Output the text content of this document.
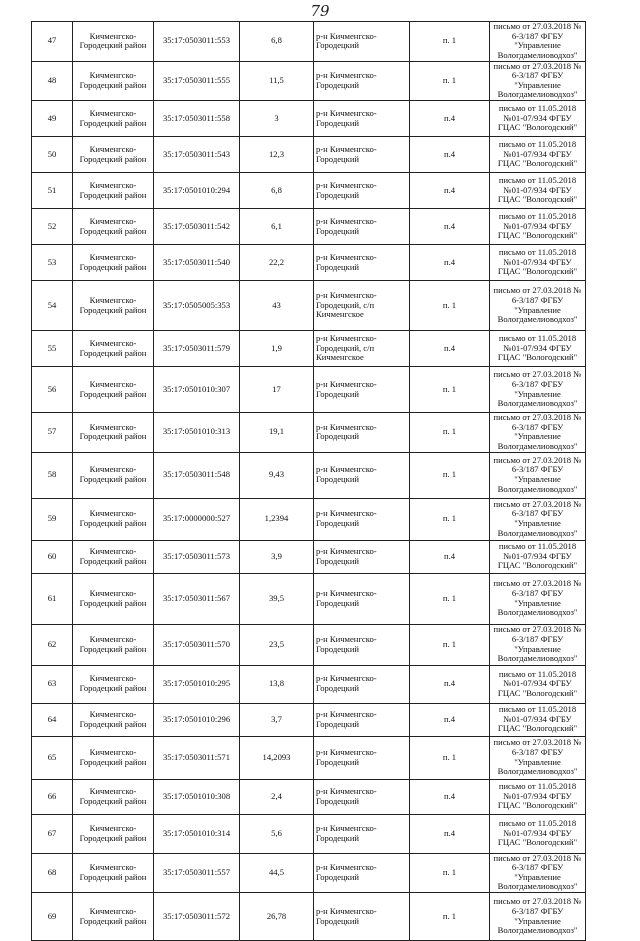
79
47	Кичменгско-Городецкий район	35:17:0503011:553	6,8	р-н Кичменгско-Городецкий	п. 1	письмо от 27.03.2018 № 6-3/187 ФГБУ "Управление Вологдамелиоводхоз"

48	Кичменгско-Городецкий район	35:17:0503011:555	11,5	р-н Кичменгско-Городецкий	п. 1	письмо от 27.03.2018 № 6-3/187 ФГБУ "Управление Вологдамелиоводхоз"

49	Кичменгско-Городецкий район	35:17:0503011:558	3	р-н Кичменгско-Городецкий	п.4	письмо от 11.05.2018 №01-07/934 ФГБУ ГЦАС "Вологодский"

50	Кичменгско-Городецкий район	35:17:0503011:543	12,3	р-н Кичменгско-Городецкий	п.4	письмо от 11.05.2018 №01-07/934 ФГБУ ГЦАС "Вологодский"

51	Кичменгско-Городецкий район	35:17:0501010:294	6,8	р-н Кичменгско-Городецкий	п.4	письмо от 11.05.2018 №01-07/934 ФГБУ ГЦАС "Вологодский"

52	Кичменгско-Городецкий район	35:17:0503011:542	6,1	р-н Кичменгско-Городецкий	п.4	письмо от 11.05.2018 №01-07/934 ФГБУ ГЦАС "Вологодский"

53	Кичменгско-Городецкий район	35:17:0503011:540	22,2	р-н Кичменгско-Городецкий	п.4	письмо от 11.05.2018 №01-07/934 ФГБУ ГЦАС "Вологодский"

54	Кичменгско-Городецкий район	35:17:0505005:353	43	р-н Кичменгско-Городецкий, с/п Кичменгское	п. 1	письмо от 27.03.2018 № 6-3/187 ФГБУ "Управление Вологдамелиоводхоз"

55	Кичменгско-Городецкий район	35:17:0503011:579	1,9	р-н Кичменгско-Городецкий, с/п Кичменгское	п.4	письмо от 11.05.2018 №01-07/934 ФГБУ ГЦАС "Вологодский"

56	Кичменгско-Городецкий район	35:17:0501010:307	17	р-н Кичменгско-Городецкий	п. 1	письмо от 27.03.2018 № 6-3/187 ФГБУ "Управление Вологдамелиоводхоз"

57	Кичменгско-Городецкий район	35:17:0501010:313	19,1	р-н Кичменгско-Городецкий	п. 1	письмо от 27.03.2018 № 6-3/187 ФГБУ "Управление Вологдамелиоводхоз"

58	Кичменгско-Городецкий район	35:17:0503011:548	9,43	р-н Кичменгско-Городецкий	п. 1	письмо от 27.03.2018 № 6-3/187 ФГБУ "Управление Вологдамелиоводхоз"

59	Кичменгско-Городецкий район	35:17:0000000:527	1,2394	р-н Кичменгско-Городецкий	п. 1	письмо от 27.03.2018 № 6-3/187 ФГБУ "Управление Вологдамелиоводхоз"

60	Кичменгско-Городецкий район	35:17:0503011:573	3,9	р-н Кичменгско-Городецкий	п.4	письмо от 11.05.2018 №01-07/934 ФГБУ ГЦАС "Вологодский"

61	Кичменгско-Городецкий район	35:17:0503011:567	39,5	р-н Кичменгско-Городецкий	п. 1	письмо от 27.03.2018 № 6-3/187 ФГБУ "Управление Вологдамелиоводхоз"

62	Кичменгско-Городецкий район	35:17:0503011:570	23,5	р-н Кичменгско-Городецкий	п. 1	письмо от 27.03.2018 № 6-3/187 ФГБУ "Управление Вологдамелиоводхоз"

63	Кичменгско-Городецкий район	35:17:0501010:295	13,8	р-н Кичменгско-Городецкий	п.4	письмо от 11.05.2018 №01-07/934 ФГБУ ГЦАС "Вологодский"

64	Кичменгско-Городецкий район	35:17:0501010:296	3,7	р-н Кичменгско-Городецкий	п.4	письмо от 11.05.2018 №01-07/934 ФГБУ ГЦАС "Вологодский"

65	Кичменгско-Городецкий район	35:17:0503011:571	14,2093	р-н Кичменгско-Городецкий	п. 1	письмо от 27.03.2018 № 6-3/187 ФГБУ "Управление Вологдамелиоводхоз"

66	Кичменгско-Городецкий район	35:17:0501010:308	2,4	р-н Кичменгско-Городецкий	п.4	письмо от 11.05.2018 №01-07/934 ФГБУ ГЦАС "Вологодский"

67	Кичменгско-Городецкий район	35:17:0501010:314	5,6	р-н Кичменгско-Городецкий	п.4	письмо от 11.05.2018 №01-07/934 ФГБУ ГЦАС "Вологодский"

68	Кичменгско-Городецкий район	35:17:0503011:557	44,5	р-н Кичменгско-Городецкий	п. 1	письмо от 27.03.2018 № 6-3/187 ФГБУ "Управление Вологдамелиоводхоз"

69	Кичменгско-Городецкий район	35:17:0503011:572	26,78	р-н Кичменгско-Городецкий	п. 1	письмо от 27.03.2018 № 6-3/187 ФГБУ "Управление Вологдамелиоводхоз"
